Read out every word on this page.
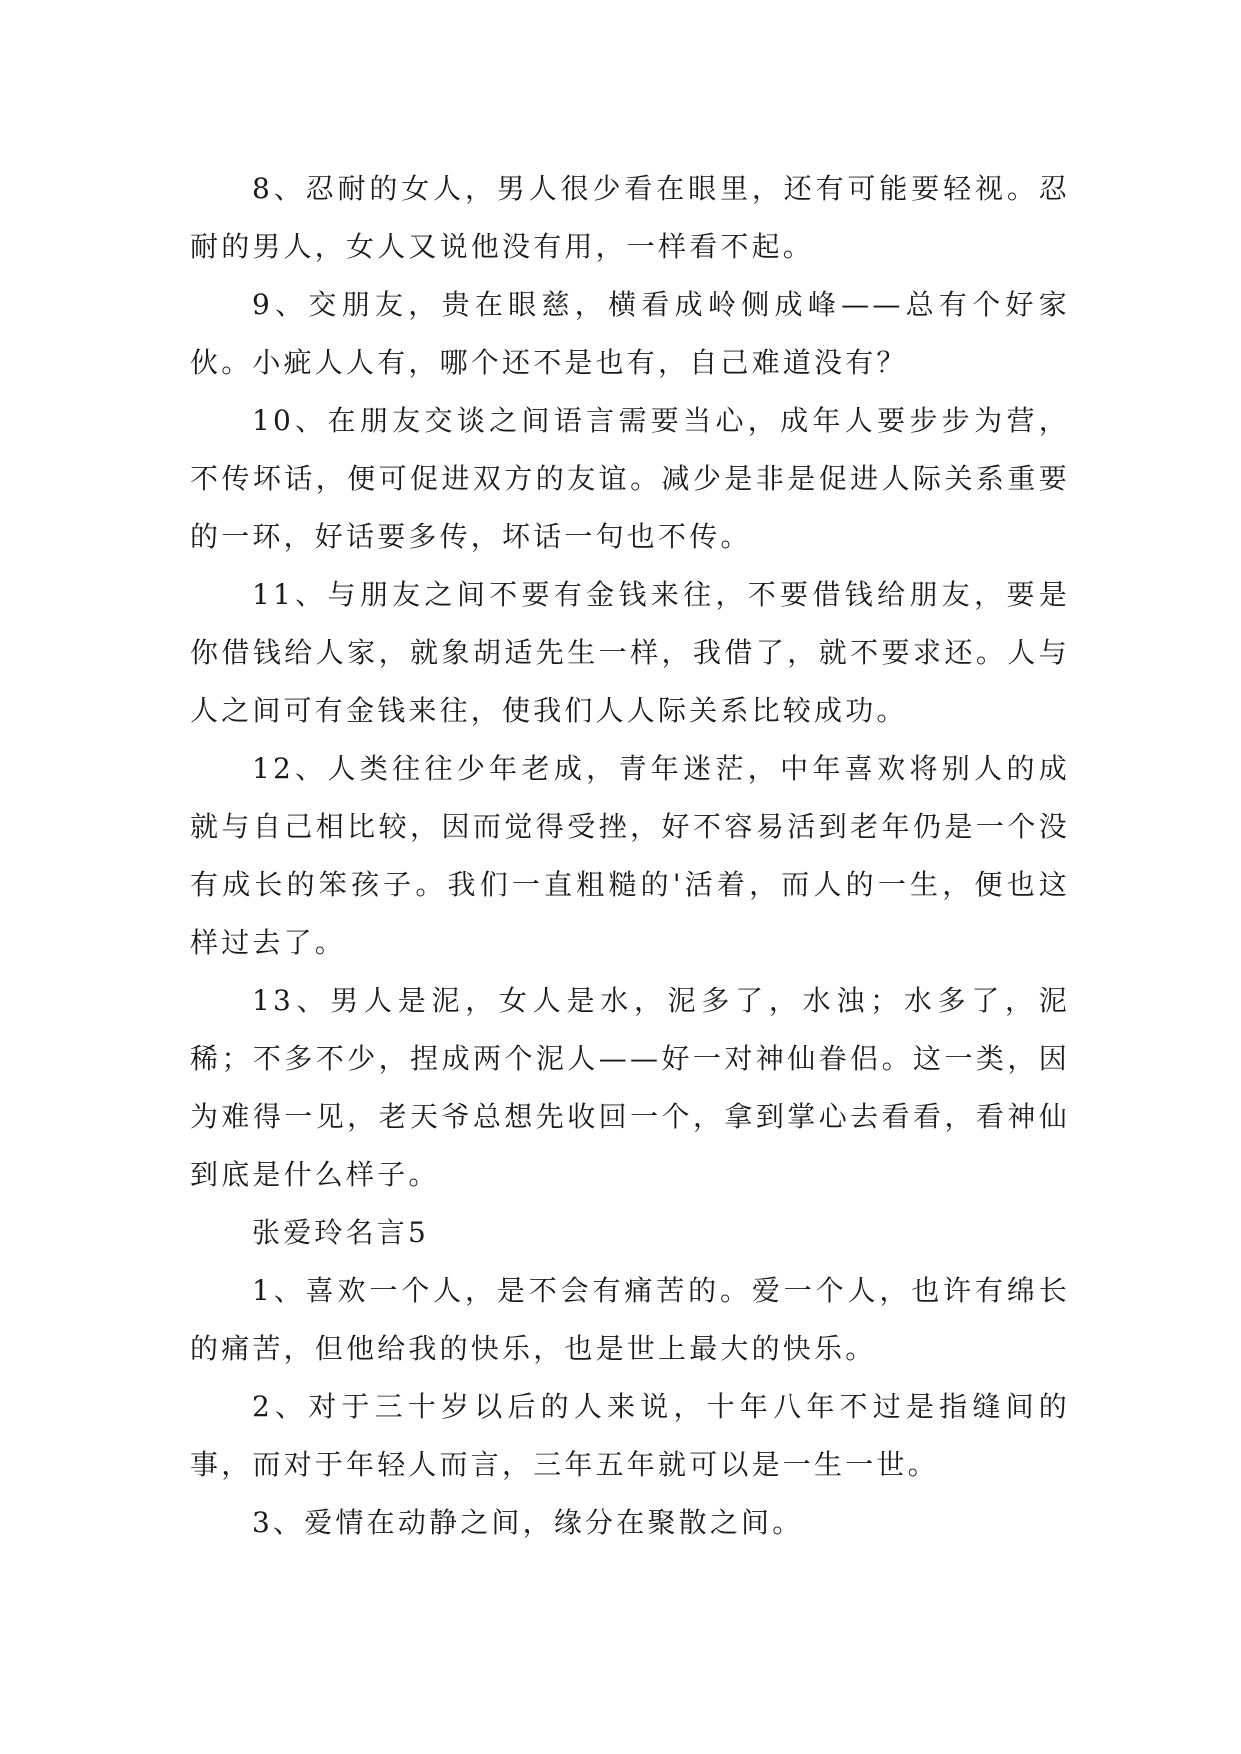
8、忍耐的女人，男人很少看在眼里，还有可能要轻视。忍耐的男人，女人又说他没有用，一样看不起。

9、交朋友，贵在眼慈，横看成岭侧成峰——总有个好家伙。小疵人人有，哪个还不是也有，自己难道没有？

10、在朋友交谈之间语言需要当心，成年人要步步为营，不传坏话，便可促进双方的友谊。减少是非是促进人际关系重要的一环，好话要多传，坏话一句也不传。

11、与朋友之间不要有金钱来往，不要借钱给朋友，要是你借钱给人家，就象胡适先生一样，我借了，就不要求还。人与人之间可有金钱来往，使我们人人际关系比较成功。

12、人类往往少年老成，青年迷茫，中年喜欢将别人的成就与自己相比较，因而觉得受挫，好不容易活到老年仍是一个没有成长的笨孩子。我们一直粗糙的'活着，而人的一生，便也这样过去了。

13、男人是泥，女人是水，泥多了，水浊；水多了，泥稀；不多不少，捏成两个泥人——好一对神仙眷侣。这一类，因为难得一见，老天爷总想先收回一个，拿到掌心去看看，看神仙到底是什么样子。

张爱玲名言5

1、喜欢一个人，是不会有痛苦的。爱一个人，也许有绵长的痛苦，但他给我的快乐，也是世上最大的快乐。

2、对于三十岁以后的人来说，十年八年不过是指缝间的事，而对于年轻人而言，三年五年就可以是一生一世。

3、爱情在动静之间，缘分在聚散之间。
